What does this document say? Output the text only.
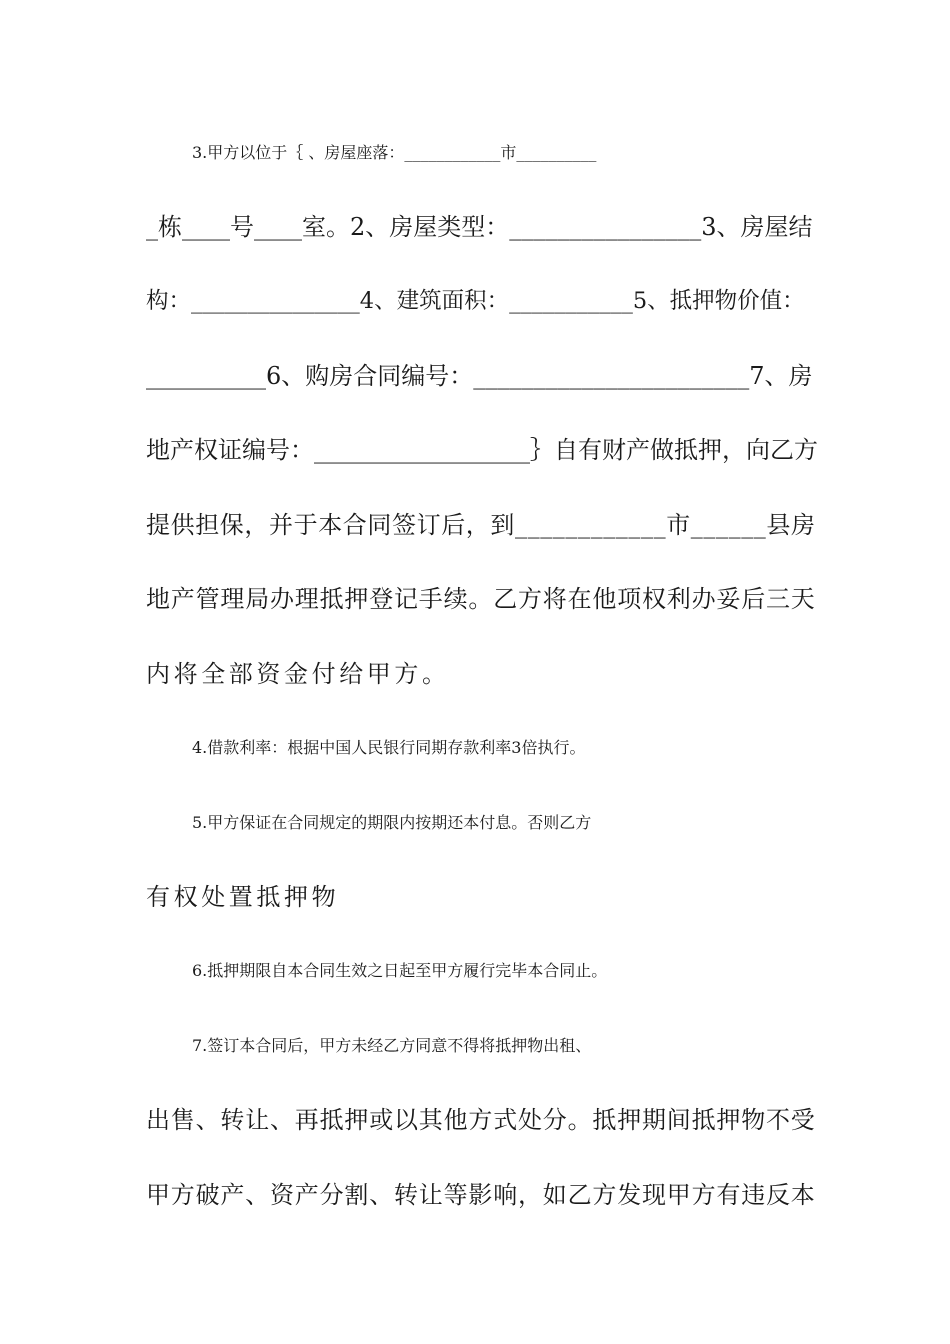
3.甲方以位于｛ 、房屋座落：____________市__________
_栋____号____室。2、房屋类型：________________3、房屋结
构：_______________4、建筑面积：___________5、抵押物价值：
__________6、购房合同编号：_______________________7、房
地产权证编号：__________________｝自有财产做抵押，向乙方
提供担保，并于本合同签订后，到____________市______县房
地产管理局办理抵押登记手续。乙方将在他项权利办妥后三天
内将全部资金付给甲方。
4.借款利率：根据中国人民银行同期存款利率3倍执行。
5.甲方保证在合同规定的期限内按期还本付息。否则乙方
有权处置抵押物
6.抵押期限自本合同生效之日起至甲方履行完毕本合同止。
7.签订本合同后，甲方未经乙方同意不得将抵押物出租、
出售、转让、再抵押或以其他方式处分。抵押期间抵押物不受
甲方破产、资产分割、转让等影响，如乙方发现甲方有违反本
